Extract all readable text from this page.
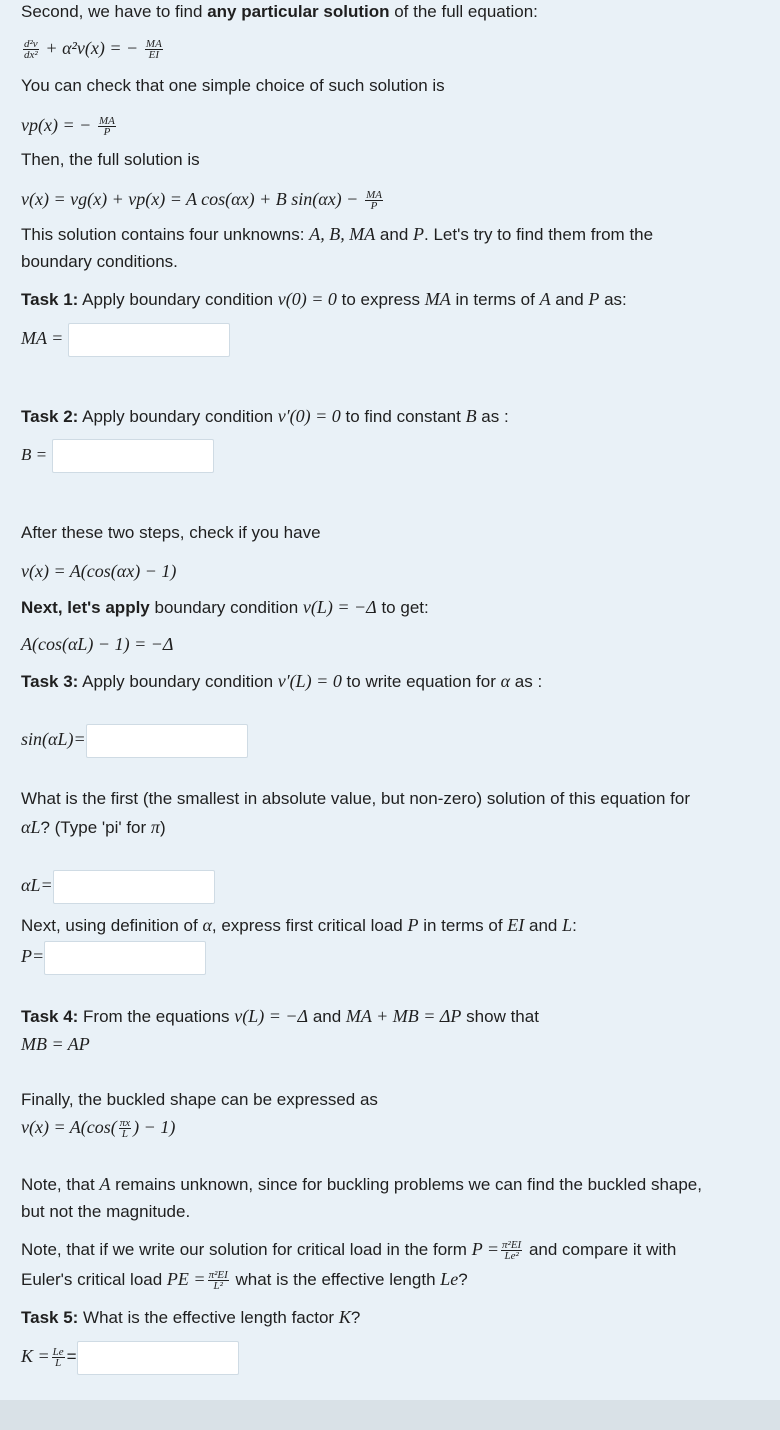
Second, we have to find any particular solution of the full equation:
$\frac{\text{d²v}}{\text{dx²}} + \alpha^2v(x)$ = − $\frac{MA}{EI}$
You can check that one simple choice of such solution is
vp(x) = − $\frac{MA}{P}$
Then, the full solution is
v(x) = vg(x) + vp(x) = A cos(αx) + B $\sin(\alpha x) - \frac{MA}{P}$
This solution contains four unknowns: A, B, MA and P. Let's try to find them from the
boundary conditions.
Task 1: Apply boundary condition v(0) = 0 to express MA in terms of A and P as:
MA =
Task 2: Apply boundary condition v′(0) = 0 to find constant B as :
B =
After these two steps, check if you have
v(x) = A(cos(αx) − 1)
Next, let's apply boundary condition v(L) = −Δ to get:
A(cos(αL) − 1) = −Δ
Task 3: Apply boundary condition v′(L) = 0 to write equation for α as :
sin(αL)=
What is the first (the smallest in absolute value, but non-zero) solution of this equation for
αL? (Type 'pi' for π)
αL=
Next, using definition of α, express first critical load P in terms of EI and L:
P=
Task 4: From the equations v(L) = −Δ and MA + MB = ΔP show that
MB = AP
Finally, the buckled shape can be expressed as
$v(x) = A(\cos( \frac{\pi x}{L}$ ) − 1)
Note, that A remains unknown, since for buckling problems we can find the buckled shape,
but not the magnitude.
Note, that if we write our solution for critical load in the form $P = \frac{\text{π²EI}}{\text{Le²}}$ and compare it with
Euler's critical load PE = $\frac{\text{π²EI}}{\text{L²}}$ what is the effective length Le?
Task 5: What is the effective length factor K?
$K = \frac{Le}{L}$ =
